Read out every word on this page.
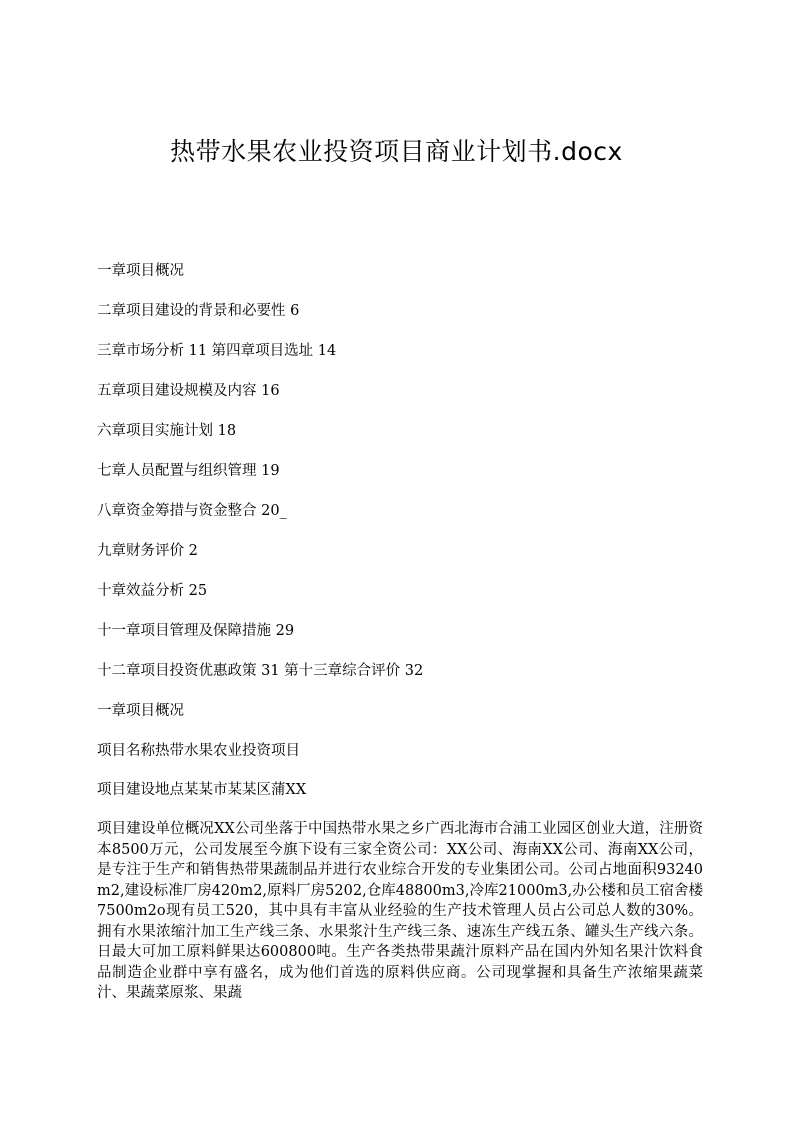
热带水果农业投资项目商业计划书.docx
一章项目概况
二章项目建设的背景和必要性 6
三章市场分析 11 第四章项目选址 14
五章项目建设规模及内容 16
六章项目实施计划 18
七章人员配置与组织管理 19
八章资金筹措与资金整合 20_
九章财务评价 2
十章效益分析 25
十一章项目管理及保障措施 29
十二章项目投资优惠政策 31 第十三章综合评价 32

一章项目概况

项目名称热带水果农业投资项目

项目建设地点某某市某某区蒲XX

项目建设单位概况XX公司坐落于中国热带水果之乡广西北海市合浦工业园区创业大道，注册资本8500万元，公司发展至今旗下设有三家全资公司：XX公司、海南XX公司、海南XX公司，是专注于生产和销售热带果蔬制品并进行农业综合开发的专业集团公司。公司占地面积93240m2,建设标准厂房420m2,原料厂房5202,仓库48800m3,冷库21000m3,办公楼和员工宿舍楼7500m2o现有员工520，其中具有丰富从业经验的生产技术管理人员占公司总人数的30%。拥有水果浓缩汁加工生产线三条、水果浆汁生产线三条、速冻生产线五条、罐头生产线六条。日最大可加工原料鲜果达600800吨。生产各类热带果蔬汁原料产品在国内外知名果汁饮料食品制造企业群中享有盛名，成为他们首选的原料供应商。公司现掌握和具备生产浓缩果蔬菜汁、果蔬菜原浆、果蔬
